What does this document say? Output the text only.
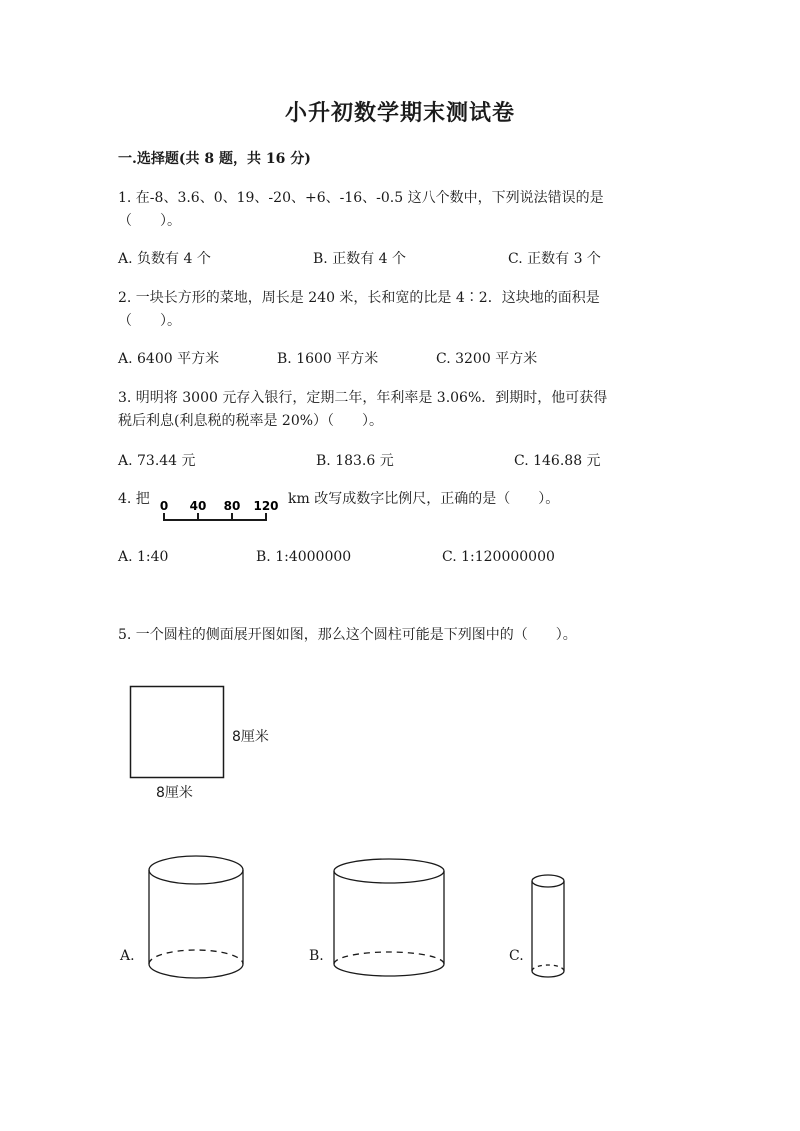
小升初数学期末测试卷
一.选择题(共 8 题，共 16 分)
1. 在-8、3.6、0、19、-20、+6、-16、-0.5 这八个数中，下列说法错误的是
（　　）。
A. 负数有 4 个	B. 正数有 4 个	C. 正数有 3 个
2. 一块长方形的菜地，周长是 240 米，长和宽的比是 4∶2．这块地的面积是
（　　）。
A. 6400 平方米	B. 1600 平方米	C. 3200 平方米
3. 明明将 3000 元存入银行，定期二年，年利率是 3.06%．到期时，他可获得
税后利息(利息税的税率是 20%）（　　）。
A. 73.44 元	B. 183.6 元	C. 146.88 元
4. 把 0 40 80 120 km 改写成数字比例尺，正确的是（　　）。
A. 1:40	B. 1:4000000	C. 1:120000000
5. 一个圆柱的侧面展开图如图，那么这个圆柱可能是下列图中的（　　）。
8厘米
8厘米
A.	B.	C.
